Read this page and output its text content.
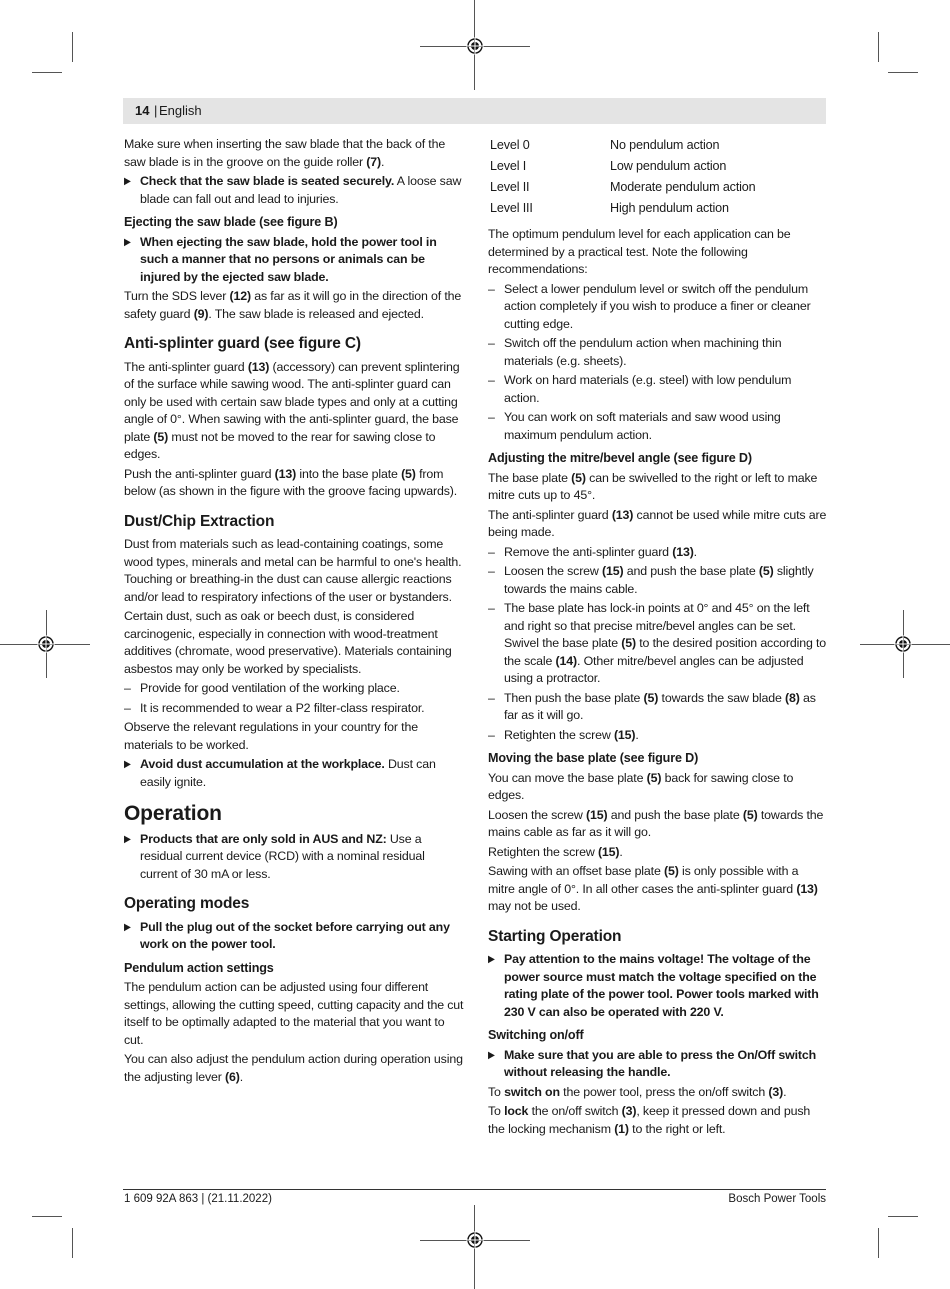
14 | English

Make sure when inserting the saw blade that the back of the saw blade is in the groove on the guide roller (7).

▶ Check that the saw blade is seated securely. A loose saw blade can fall out and lead to injuries.
Ejecting the saw blade (see figure B)
▶ When ejecting the saw blade, hold the power tool in such a manner that no persons or animals can be injured by the ejected saw blade.

Turn the SDS lever (12) as far as it will go in the direction of the safety guard (9). The saw blade is released and ejected.

Anti-splinter guard (see figure C)

The anti-splinter guard (13) (accessory) can prevent splintering of the surface while sawing wood. The anti-splinter guard can only be used with certain saw blade types and only at a cutting angle of 0°. When sawing with the anti-splinter guard, the base plate (5) must not be moved to the rear for sawing close to edges.

Push the anti-splinter guard (13) into the base plate (5) from below (as shown in the figure with the groove facing upwards).

Dust/Chip Extraction

Dust from materials such as lead-containing coatings, some wood types, minerals and metal can be harmful to one's health. Touching or breathing-in the dust can cause allergic reactions and/or lead to respiratory infections of the user or bystanders.

Certain dust, such as oak or beech dust, is considered carcinogenic, especially in connection with wood-treatment additives (chromate, wood preservative). Materials containing asbestos may only be worked by specialists.

– Provide for good ventilation of the working place.
– It is recommended to wear a P2 filter-class respirator.

Observe the relevant regulations in your country for the materials to be worked.

▶ Avoid dust accumulation at the workplace. Dust can easily ignite.
Operation
▶ Products that are only sold in AUS and NZ: Use a residual current device (RCD) with a nominal residual current of 30 mA or less.
Operating modes
▶ Pull the plug out of the socket before carrying out any work on the power tool.
Pendulum action settings

The pendulum action can be adjusted using four different settings, allowing the cutting speed, cutting capacity and the cut itself to be optimally adapted to the material that you want to cut.

You can also adjust the pendulum action during operation using the adjusting lever (6).

Level 0	No pendulum action
Level I	Low pendulum action
Level II	Moderate pendulum action
Level III	High pendulum action

The optimum pendulum level for each application can be determined by a practical test. Note the following recommendations:

– Select a lower pendulum level or switch off the pendulum action completely if you wish to produce a finer or cleaner cutting edge.
– Switch off the pendulum action when machining thin materials (e.g. sheets).
– Work on hard materials (e.g. steel) with low pendulum action.
– You can work on soft materials and saw wood using maximum pendulum action.
Adjusting the mitre/bevel angle (see figure D)

The base plate (5) can be swivelled to the right or left to make mitre cuts up to 45°.

The anti-splinter guard (13) cannot be used while mitre cuts are being made.

– Remove the anti-splinter guard (13).
– Loosen the screw (15) and push the base plate (5) slightly towards the mains cable.
– The base plate has lock-in points at 0° and 45° on the left and right so that precise mitre/bevel angles can be set. Swivel the base plate (5) to the desired position according to the scale (14). Other mitre/bevel angles can be adjusted using a protractor.
– Then push the base plate (5) towards the saw blade (8) as far as it will go.
– Retighten the screw (15).
Moving the base plate (see figure D)

You can move the base plate (5) back for sawing close to edges.

Loosen the screw (15) and push the base plate (5) towards the mains cable as far as it will go.

Retighten the screw (15).

Sawing with an offset base plate (5) is only possible with a mitre angle of 0°. In all other cases the anti-splinter guard (13) may not be used.

Starting Operation
▶ Pay attention to the mains voltage! The voltage of the power source must match the voltage specified on the rating plate of the power tool. Power tools marked with 230 V can also be operated with 220 V.
Switching on/off
▶ Make sure that you are able to press the On/Off switch without releasing the handle.

To switch on the power tool, press the on/off switch (3).

To lock the on/off switch (3), keep it pressed down and push the locking mechanism (1) to the right or left.

1 609 92A 863 | (21.11.2022)	Bosch Power Tools
